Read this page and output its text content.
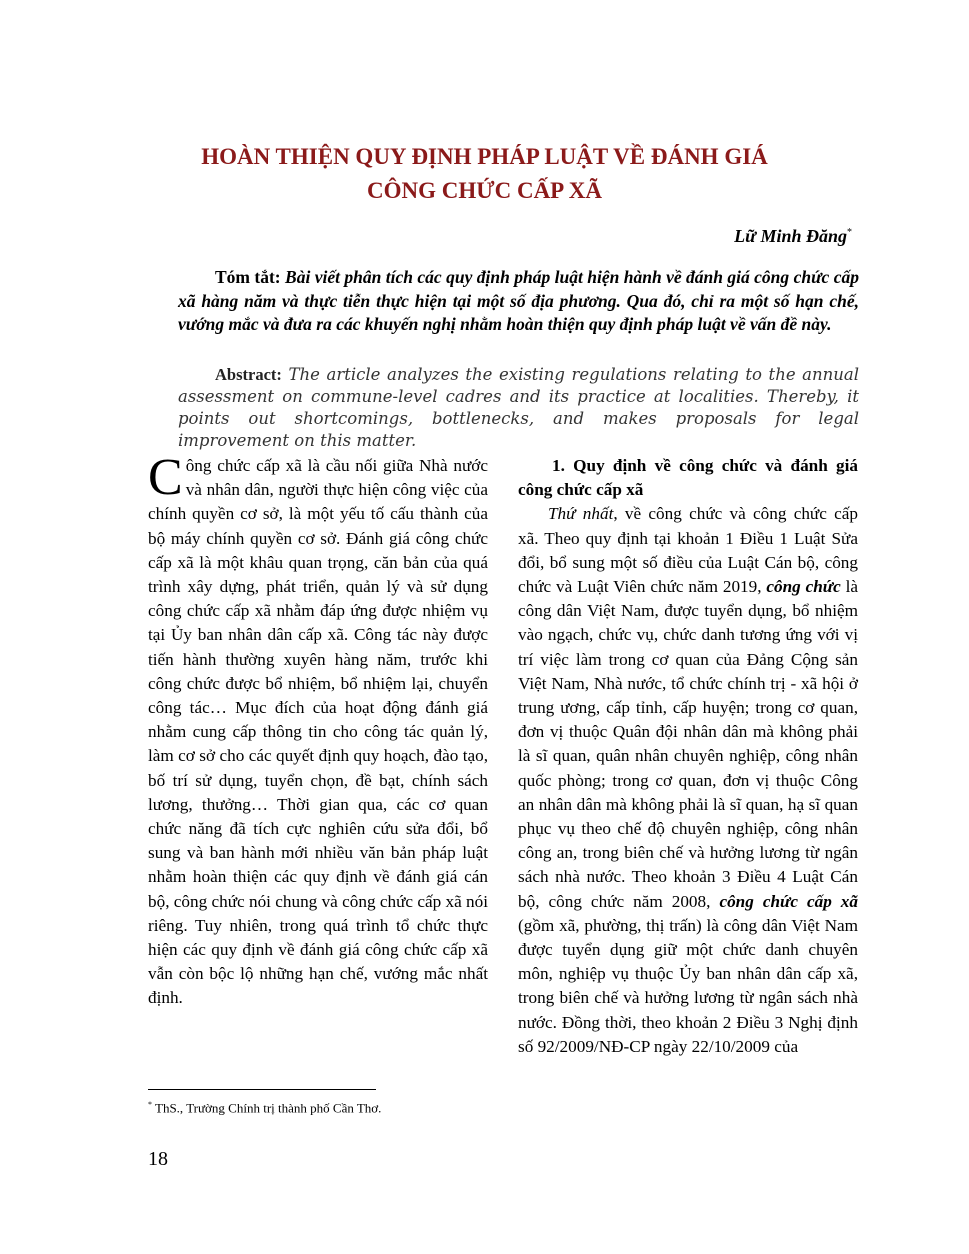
HOÀN THIỆN QUY ĐỊNH PHÁP LUẬT VỀ ĐÁNH GIÁ
CÔNG CHỨC CẤP XÃ
Lữ Minh Đăng*

Tóm tắt: Bài viết phân tích các quy định pháp luật hiện hành về đánh giá công chức cấp xã hàng năm và thực tiễn thực hiện tại một số địa phương. Qua đó, chỉ ra một số hạn chế, vướng mắc và đưa ra các khuyến nghị nhằm hoàn thiện quy định pháp luật về vấn đề này.

Abstract: The article analyzes the existing regulations relating to the annual assessment on commune-level cadres and its practice at localities. Thereby, it points out shortcomings, bottlenecks, and makes proposals for legal improvement on this matter.

Công chức cấp xã là cầu nối giữa Nhà nước và nhân dân, người thực hiện công việc của chính quyền cơ sở, là một yếu tố cấu thành của bộ máy chính quyền cơ sở. Đánh giá công chức cấp xã là một khâu quan trọng, căn bản của quá trình xây dựng, phát triển, quản lý và sử dụng công chức cấp xã nhằm đáp ứng được nhiệm vụ tại Ủy ban nhân dân cấp xã. Công tác này được tiến hành thường xuyên hàng năm, trước khi công chức được bổ nhiệm, bổ nhiệm lại, chuyển công tác… Mục đích của hoạt động đánh giá nhằm cung cấp thông tin cho công tác quản lý, làm cơ sở cho các quyết định quy hoạch, đào tạo, bố trí sử dụng, tuyển chọn, đề bạt, chính sách lương, thưởng… Thời gian qua, các cơ quan chức năng đã tích cực nghiên cứu sửa đổi, bổ sung và ban hành mới nhiều văn bản pháp luật nhằm hoàn thiện các quy định về đánh giá cán bộ, công chức nói chung và công chức cấp xã nói riêng. Tuy nhiên, trong quá trình tổ chức thực hiện các quy định về đánh giá công chức cấp xã vẫn còn bộc lộ những hạn chế, vướng mắc nhất định.

1. Quy định về công chức và đánh giá công chức cấp xã

Thứ nhất, về công chức và công chức cấp xã. Theo quy định tại khoản 1 Điều 1 Luật Sửa đổi, bổ sung một số điều của Luật Cán bộ, công chức và Luật Viên chức năm 2019, công chức là công dân Việt Nam, được tuyển dụng, bổ nhiệm vào ngạch, chức vụ, chức danh tương ứng với vị trí việc làm trong cơ quan của Đảng Cộng sản Việt Nam, Nhà nước, tổ chức chính trị - xã hội ở trung ương, cấp tỉnh, cấp huyện; trong cơ quan, đơn vị thuộc Quân đội nhân dân mà không phải là sĩ quan, quân nhân chuyên nghiệp, công nhân quốc phòng; trong cơ quan, đơn vị thuộc Công an nhân dân mà không phải là sĩ quan, hạ sĩ quan phục vụ theo chế độ chuyên nghiệp, công nhân công an, trong biên chế và hưởng lương từ ngân sách nhà nước. Theo khoản 3 Điều 4 Luật Cán bộ, công chức năm 2008, công chức cấp xã (gồm xã, phường, thị trấn) là công dân Việt Nam được tuyển dụng giữ một chức danh chuyên môn, nghiệp vụ thuộc Ủy ban nhân dân cấp xã, trong biên chế và hưởng lương từ ngân sách nhà nước. Đồng thời, theo khoản 2 Điều 3 Nghị định số 92/2009/NĐ-CP ngày 22/10/2009 của

* ThS., Trường Chính trị thành phố Cần Thơ.
18
